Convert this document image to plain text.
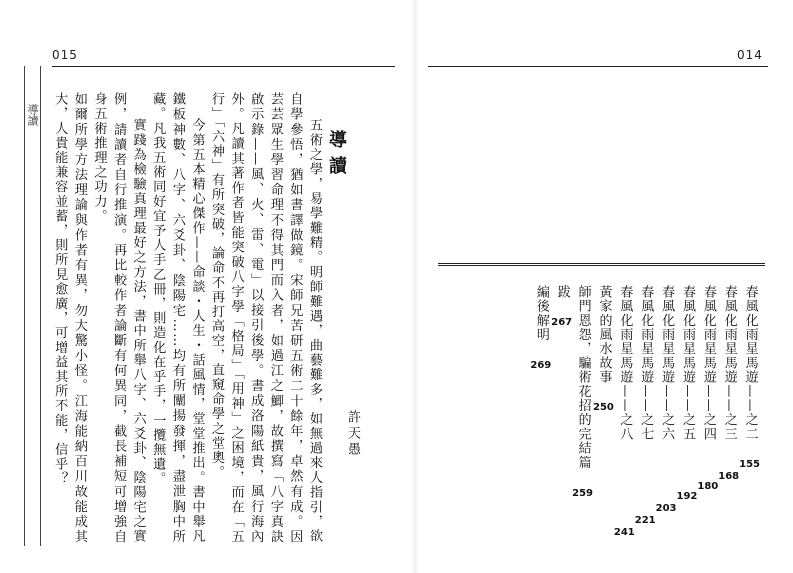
015
導讀
導讀
許天愚

五術之學，易學難精。明師難遇，曲藝難多，如無過來人指引，欲自學參悟，猶如書譯做鏡。宋師兄苦研五術二十餘年，卓然有成。因芸芸眾生學習命理不得其門而入者，如過江之鯽，故撰寫「八字真訣啟示錄——風、火、雷、電」以接引後學。書成洛陽紙貴，風行海內外。凡讀其著作者皆能突破八字學「格局」「用神」之困境，而在「五行」「六神」有所突破，論命不再打高空，直窺命學之堂奧。

今第五本精心傑作——命談・人生・話風情，堂堂推出。書中舉凡鐵板神數、八字、六爻卦、陰陽宅……均有所闡揚發揮，盡泄胸中所藏。凡我五術同好宜予人手乙冊，則造化在乎手，一攬無遺。

實踐為檢驗真理最好之方法，書中所舉八字、六爻卦、陰陽宅之實例，請讀者自行推演。再比較作者論斷有何異同，截長補短可增強自身五術推理之功力。

如爾所學方法理論與作者有異，勿大驚小怪。江海能納百川故能成其大，人貴能兼容並蓄，則所見愈廣，可增益其所不能，信乎？

014
春風化雨星馬遊——之二155
春風化雨星馬遊——之三168
春風化雨星馬遊——之四180
春風化雨星馬遊——之五192
春風化雨星馬遊——之六203
春風化雨星馬遊——之七221
春風化雨星馬遊——之八241
黃家的風水故事250
師門恩怨，騙術花招的完結篇259
跋267
編後解明269
